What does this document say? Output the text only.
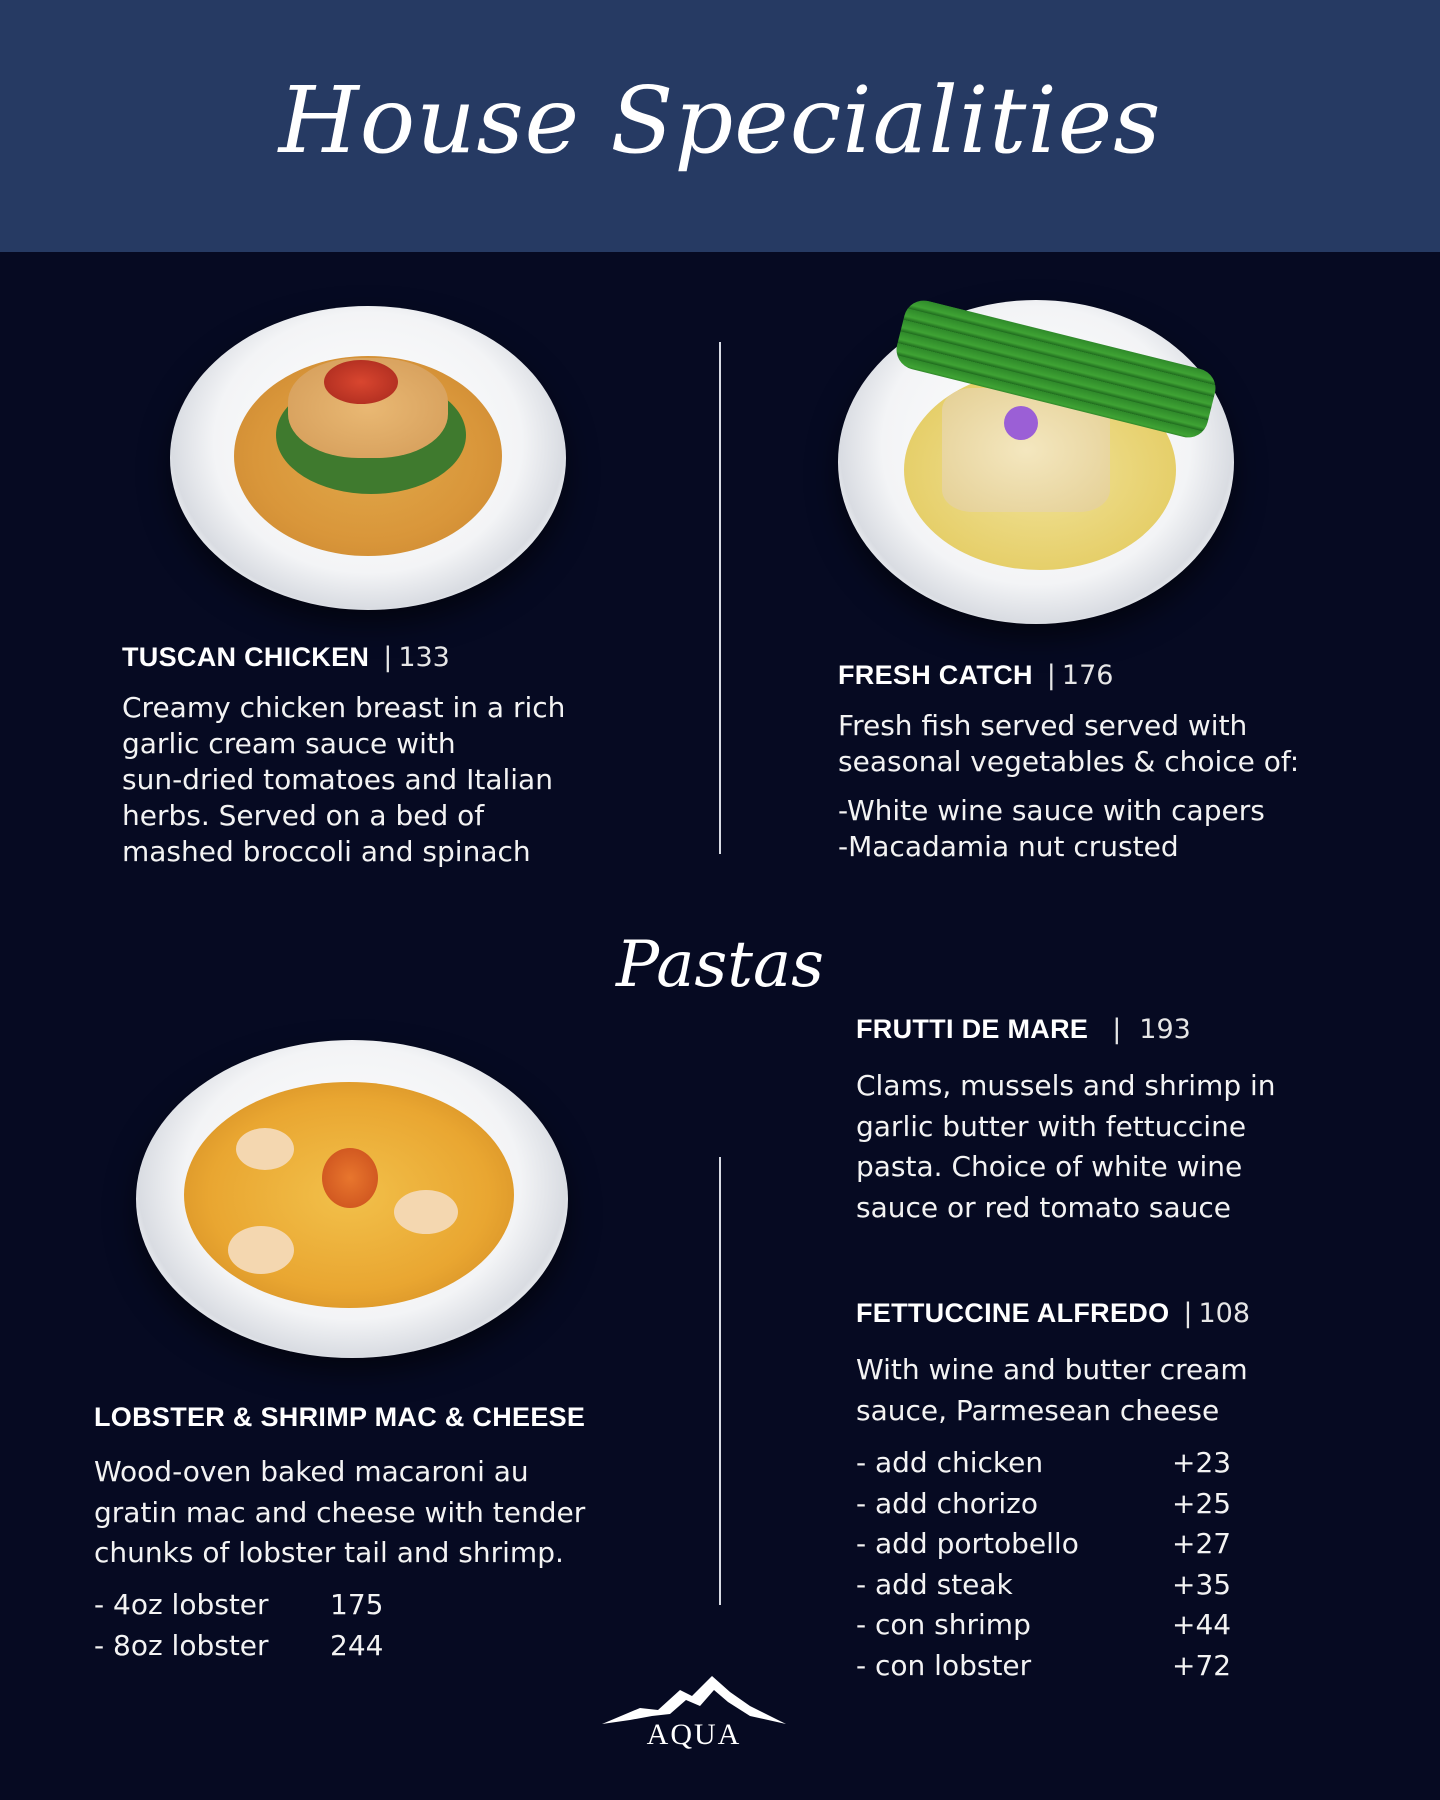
House Specialities
TUSCAN CHICKEN | 133

Creamy chicken breast in a rich

garlic cream sauce with

sun-dried tomatoes and Italian

herbs. Served on a bed of

mashed broccoli and spinach

FRESH CATCH | 176

Fresh fish served served with

seasonal vegetables & choice of:

-White wine sauce with capers

-Macadamia nut crusted

Pastas
LOBSTER & SHRIMP MAC & CHEESE

Wood-oven baked macaroni au

gratin mac and cheese with tender

chunks of lobster tail and shrimp.

- 4oz lobster	175
- 8oz lobster	244
FRUTTI DE MARE | 193

Clams, mussels and shrimp in

garlic butter with fettuccine

pasta. Choice of white wine

sauce or red tomato sauce

FETTUCCINE ALFREDO | 108

With wine and butter cream

sauce, Parmesean cheese

- add chicken	+23
- add chorizo	+25
- add portobello	+27
- add steak	+35
- con shrimp	+44
- con lobster	+72
AQUA
